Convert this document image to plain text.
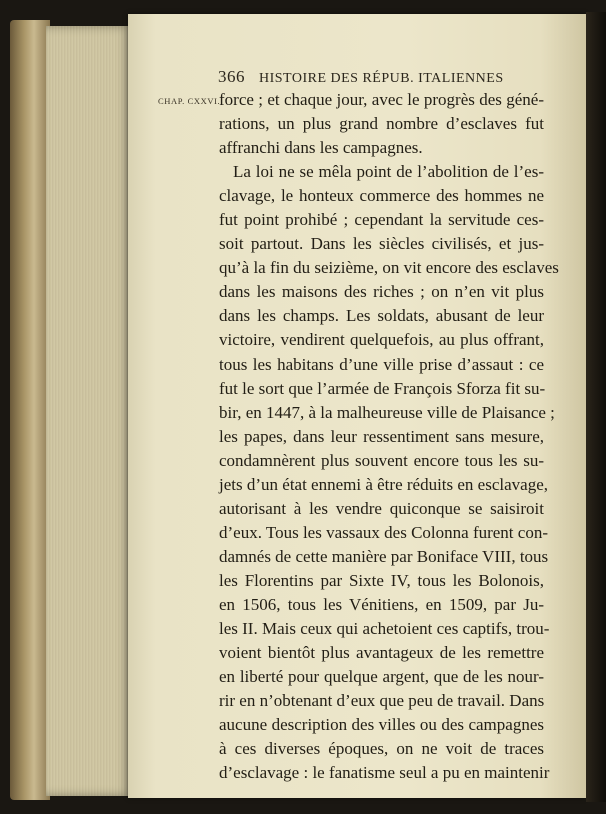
366 HISTOIRE DES RÉPUB. ITALIENNES
CHAP. CXXVI.
force ; et chaque jour, avec le progrès des géné-
rations, un plus grand nombre d’esclaves fut
affranchi dans les campagnes.
La loi ne se mêla point de l’abolition de l’es-
clavage, le honteux commerce des hommes ne
fut point prohibé ; cependant la servitude ces-
soit partout. Dans les siècles civilisés, et jus-
qu’à la fin du seizième, on vit encore des esclaves
dans les maisons des riches ; on n’en vit plus
dans les champs. Les soldats, abusant de leur
victoire, vendirent quelquefois, au plus offrant,
tous les habitans d’une ville prise d’assaut : ce
fut le sort que l’armée de François Sforza fit su-
bir, en 1447, à la malheureuse ville de Plaisance ;
les papes, dans leur ressentiment sans mesure,
condamnèrent plus souvent encore tous les su-
jets d’un état ennemi à être réduits en esclavage,
autorisant à les vendre quiconque se saisiroit
d’eux. Tous les vassaux des Colonna furent con-
damnés de cette manière par Boniface VIII, tous
les Florentins par Sixte IV, tous les Bolonois,
en 1506, tous les Vénitiens, en 1509, par Ju-
les II. Mais ceux qui achetoient ces captifs, trou-
voient bientôt plus avantageux de les remettre
en liberté pour quelque argent, que de les nour-
rir en n’obtenant d’eux que peu de travail. Dans
aucune description des villes ou des campagnes
à ces diverses époques, on ne voit de traces
d’esclavage : le fanatisme seul a pu en maintenir
